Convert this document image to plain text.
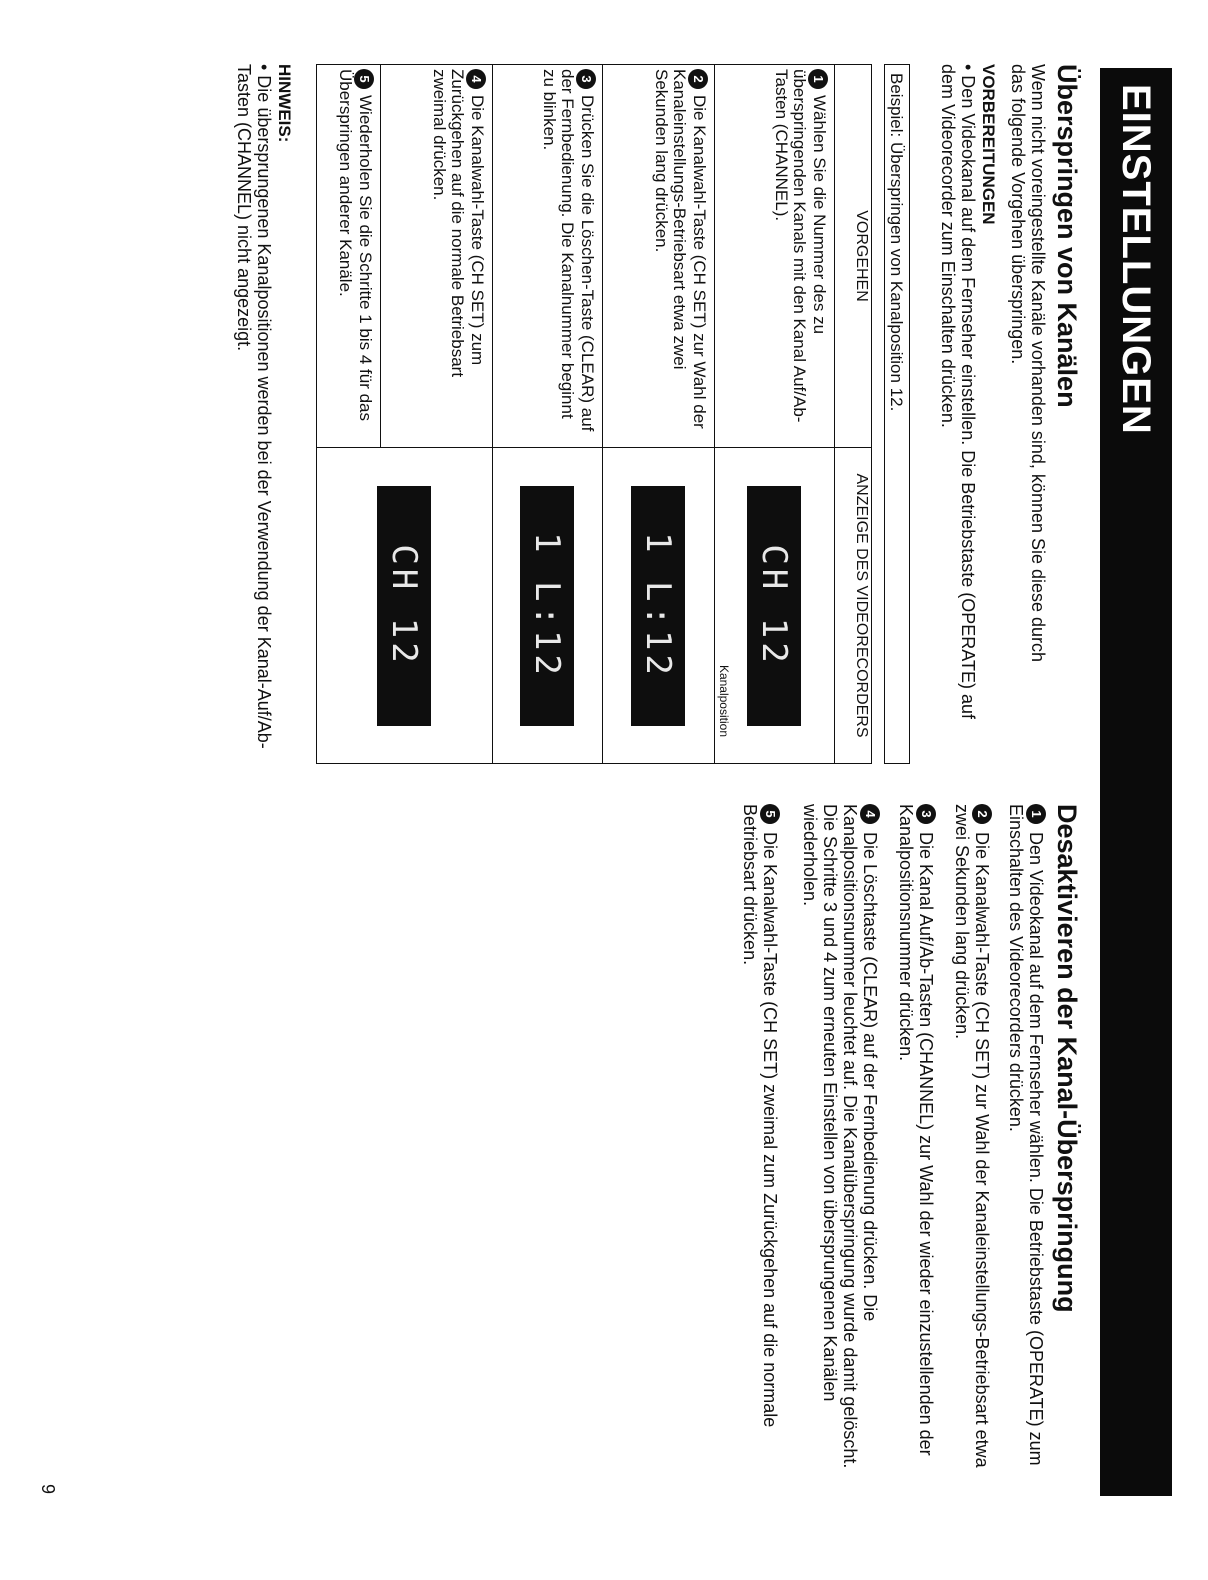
EINSTELLUNGEN
Überspringen von Kanälen
Wenn nicht voreingestellte Kanäle vorhanden sind, können Sie diese durch das folgende Vorgehen überspringen.
VORBEREITUNGEN
• Den Videokanal auf dem Fernseher einstellen. Die Betriebstaste (OPERATE) auf dem Videorecorder zum Einschalten drücken.
Beispiel: Überspringen von Kanalposition 12.
VORGEHEN	ANZEIGE DES VIDEORECORDERS
1Wählen Sie die Nummer des zu überspringenden Kanals mit den Kanal Auf/Ab-Tasten (CHANNEL).	CH 12
Kanalposition

2Die Kanalwahl-Taste (CH SET) zur Wahl der Kanaleinstellungs-Betriebsart etwa zwei Sekunden lang drücken.	1 L:12
3Drücken Sie die Löschen-Taste (CLEAR) auf der Fernbedienung. Die Kanalnummer beginnt zu blinken.	1 L:12
4Die Kanalwahl-Taste (CH SET) zum Zurückgehen auf die normale Betriebsart zweimal drücken.	CH 12
5Wiederholen Sie die Schritte 1 bis 4 für das Überspringen anderer Kanäle.	
HINWEIS:
• Die übersprungenen Kanalpositionen werden bei der Verwendung der Kanal-Auf/Ab-Tasten (CHANNEL) nicht angezeigt.
Desaktivieren der Kanal-Überspringung
1Den Videokanal auf dem Fernseher wählen. Die Betriebstaste (OPERATE) zum Einschalten des Videorecorders drücken.
2Die Kanalwahl-Taste (CH SET) zur Wahl der Kanaleinstellungs-Betriebsart etwa zwei Sekunden lang drücken.
3Die Kanal Auf/Ab-Tasten (CHANNEL) zur Wahl der wieder einzustellenden der Kanalpositionsnummer drücken.
4Die Löschtaste (CLEAR) auf der Fernbedienung drücken. Die Kanalpositionsnummer leuchtet auf. Die Kanalüberspringung wurde damit gelöscht. Die Schritte 3 und 4 zum erneuten Einstellen von übersprungenen Kanälen wiederholen.
5Die Kanalwahl-Taste (CH SET) zweimal zum Zurückgehen auf die normale Betriebsart drücken.
9
